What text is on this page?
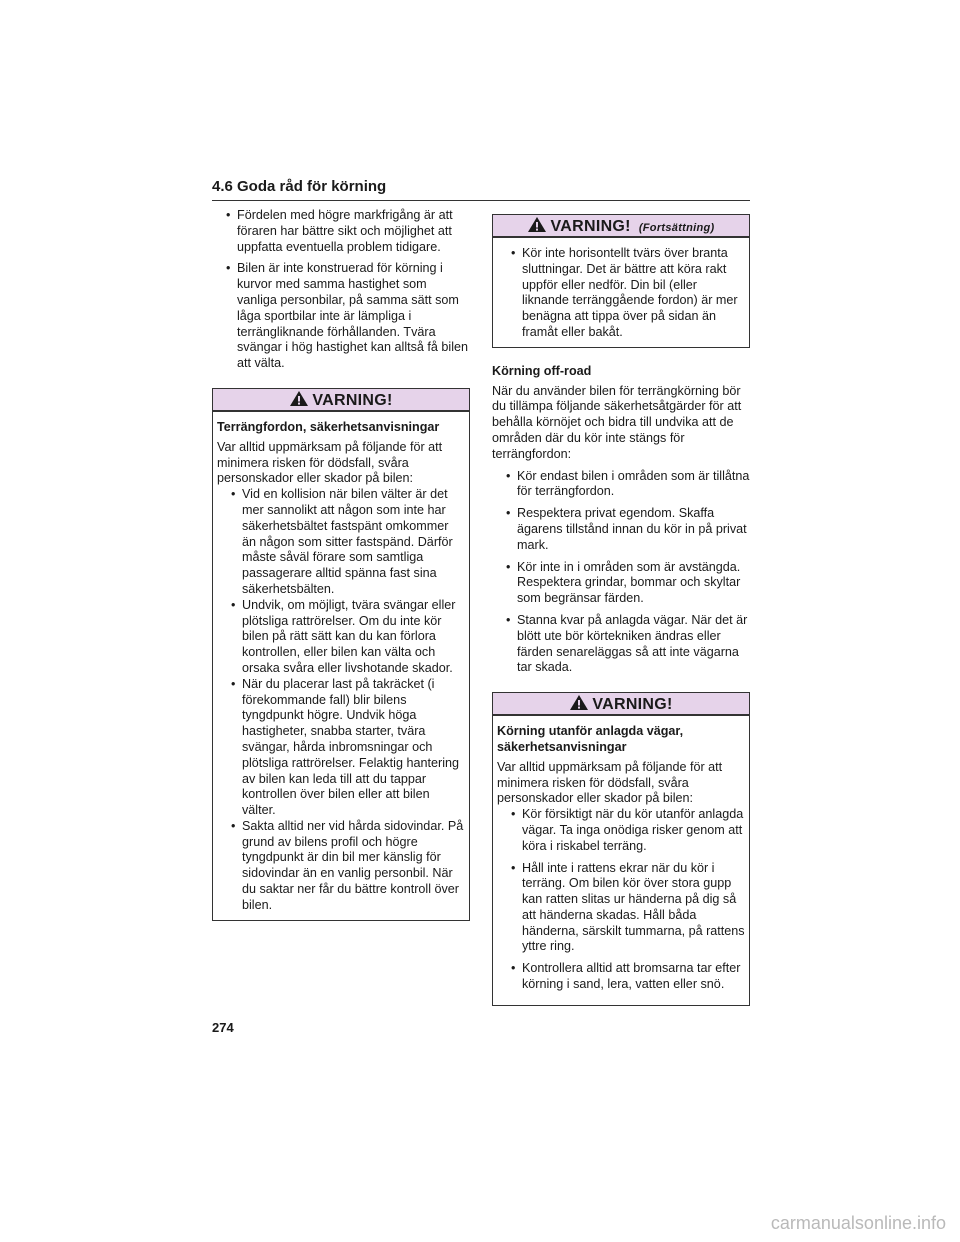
4.6 Goda råd för körning
• Fördelen med högre markfrigång är att föraren har bättre sikt och möjlighet att uppfatta eventuella problem tidigare.
• Bilen är inte konstruerad för körning i kurvor med samma hastighet som vanliga personbilar, på samma sätt som låga sportbilar inte är lämpliga i terrängliknande förhållanden. Tvära svängar i hög hastighet kan alltså få bilen att välta.
VARNING!
Terrängfordon, säkerhetsanvisningar
Var alltid uppmärksam på följande för att minimera risken för dödsfall, svåra personskador eller skador på bilen:
• Vid en kollision när bilen välter är det mer sannolikt att någon som inte har säkerhetsbältet fastspänt omkommer än någon som sitter fastspänd. Därför måste såväl förare som samtliga passagerare alltid spänna fast sina säkerhetsbälten.
• Undvik, om möjligt, tvära svängar eller plötsliga rattrörelser. Om du inte kör bilen på rätt sätt kan du kan förlora kontrollen, eller bilen kan välta och orsaka svåra eller livshotande skador.
• När du placerar last på takräcket (i förekommande fall) blir bilens tyngdpunkt högre. Undvik höga hastigheter, snabba starter, tvära svängar, hårda inbromsningar och plötsliga rattrörelser. Felaktig hantering av bilen kan leda till att du tappar kontrollen över bilen eller att bilen välter.
• Sakta alltid ner vid hårda sidovindar. På grund av bilens profil och högre tyngdpunkt är din bil mer känslig för sidovindar än en vanlig personbil. När du saktar ner får du bättre kontroll över bilen.
VARNING! (Fortsättning)
• Kör inte horisontellt tvärs över branta sluttningar. Det är bättre att köra rakt uppför eller nedför. Din bil (eller liknande terränggående fordon) är mer benägna att tippa över på sidan än framåt eller bakåt.
Körning off-road
När du använder bilen för terrängkörning bör du tillämpa följande säkerhetsåtgärder för att behålla körnöjet och bidra till undvika att de områden där du kör inte stängs för terrängfordon:
• Kör endast bilen i områden som är tillåtna för terrängfordon.
• Respektera privat egendom. Skaffa ägarens tillstånd innan du kör in på privat mark.
• Kör inte in i områden som är avstängda. Respektera grindar, bommar och skyltar som begränsar färden.
• Stanna kvar på anlagda vägar. När det är blött ute bör körtekniken ändras eller färden senareläggas så att inte vägarna tar skada.
VARNING!
Körning utanför anlagda vägar, säkerhetsanvisningar
Var alltid uppmärksam på följande för att minimera risken för dödsfall, svåra personskador eller skador på bilen:
• Kör försiktigt när du kör utanför anlagda vägar. Ta inga onödiga risker genom att köra i riskabel terräng.
• Håll inte i rattens ekrar när du kör i terräng. Om bilen kör över stora gupp kan ratten slitas ur händerna på dig så att händerna skadas. Håll båda händerna, särskilt tummarna, på rattens yttre ring.
• Kontrollera alltid att bromsarna tar efter körning i sand, lera, vatten eller snö.
274
carmanualsonline.info
